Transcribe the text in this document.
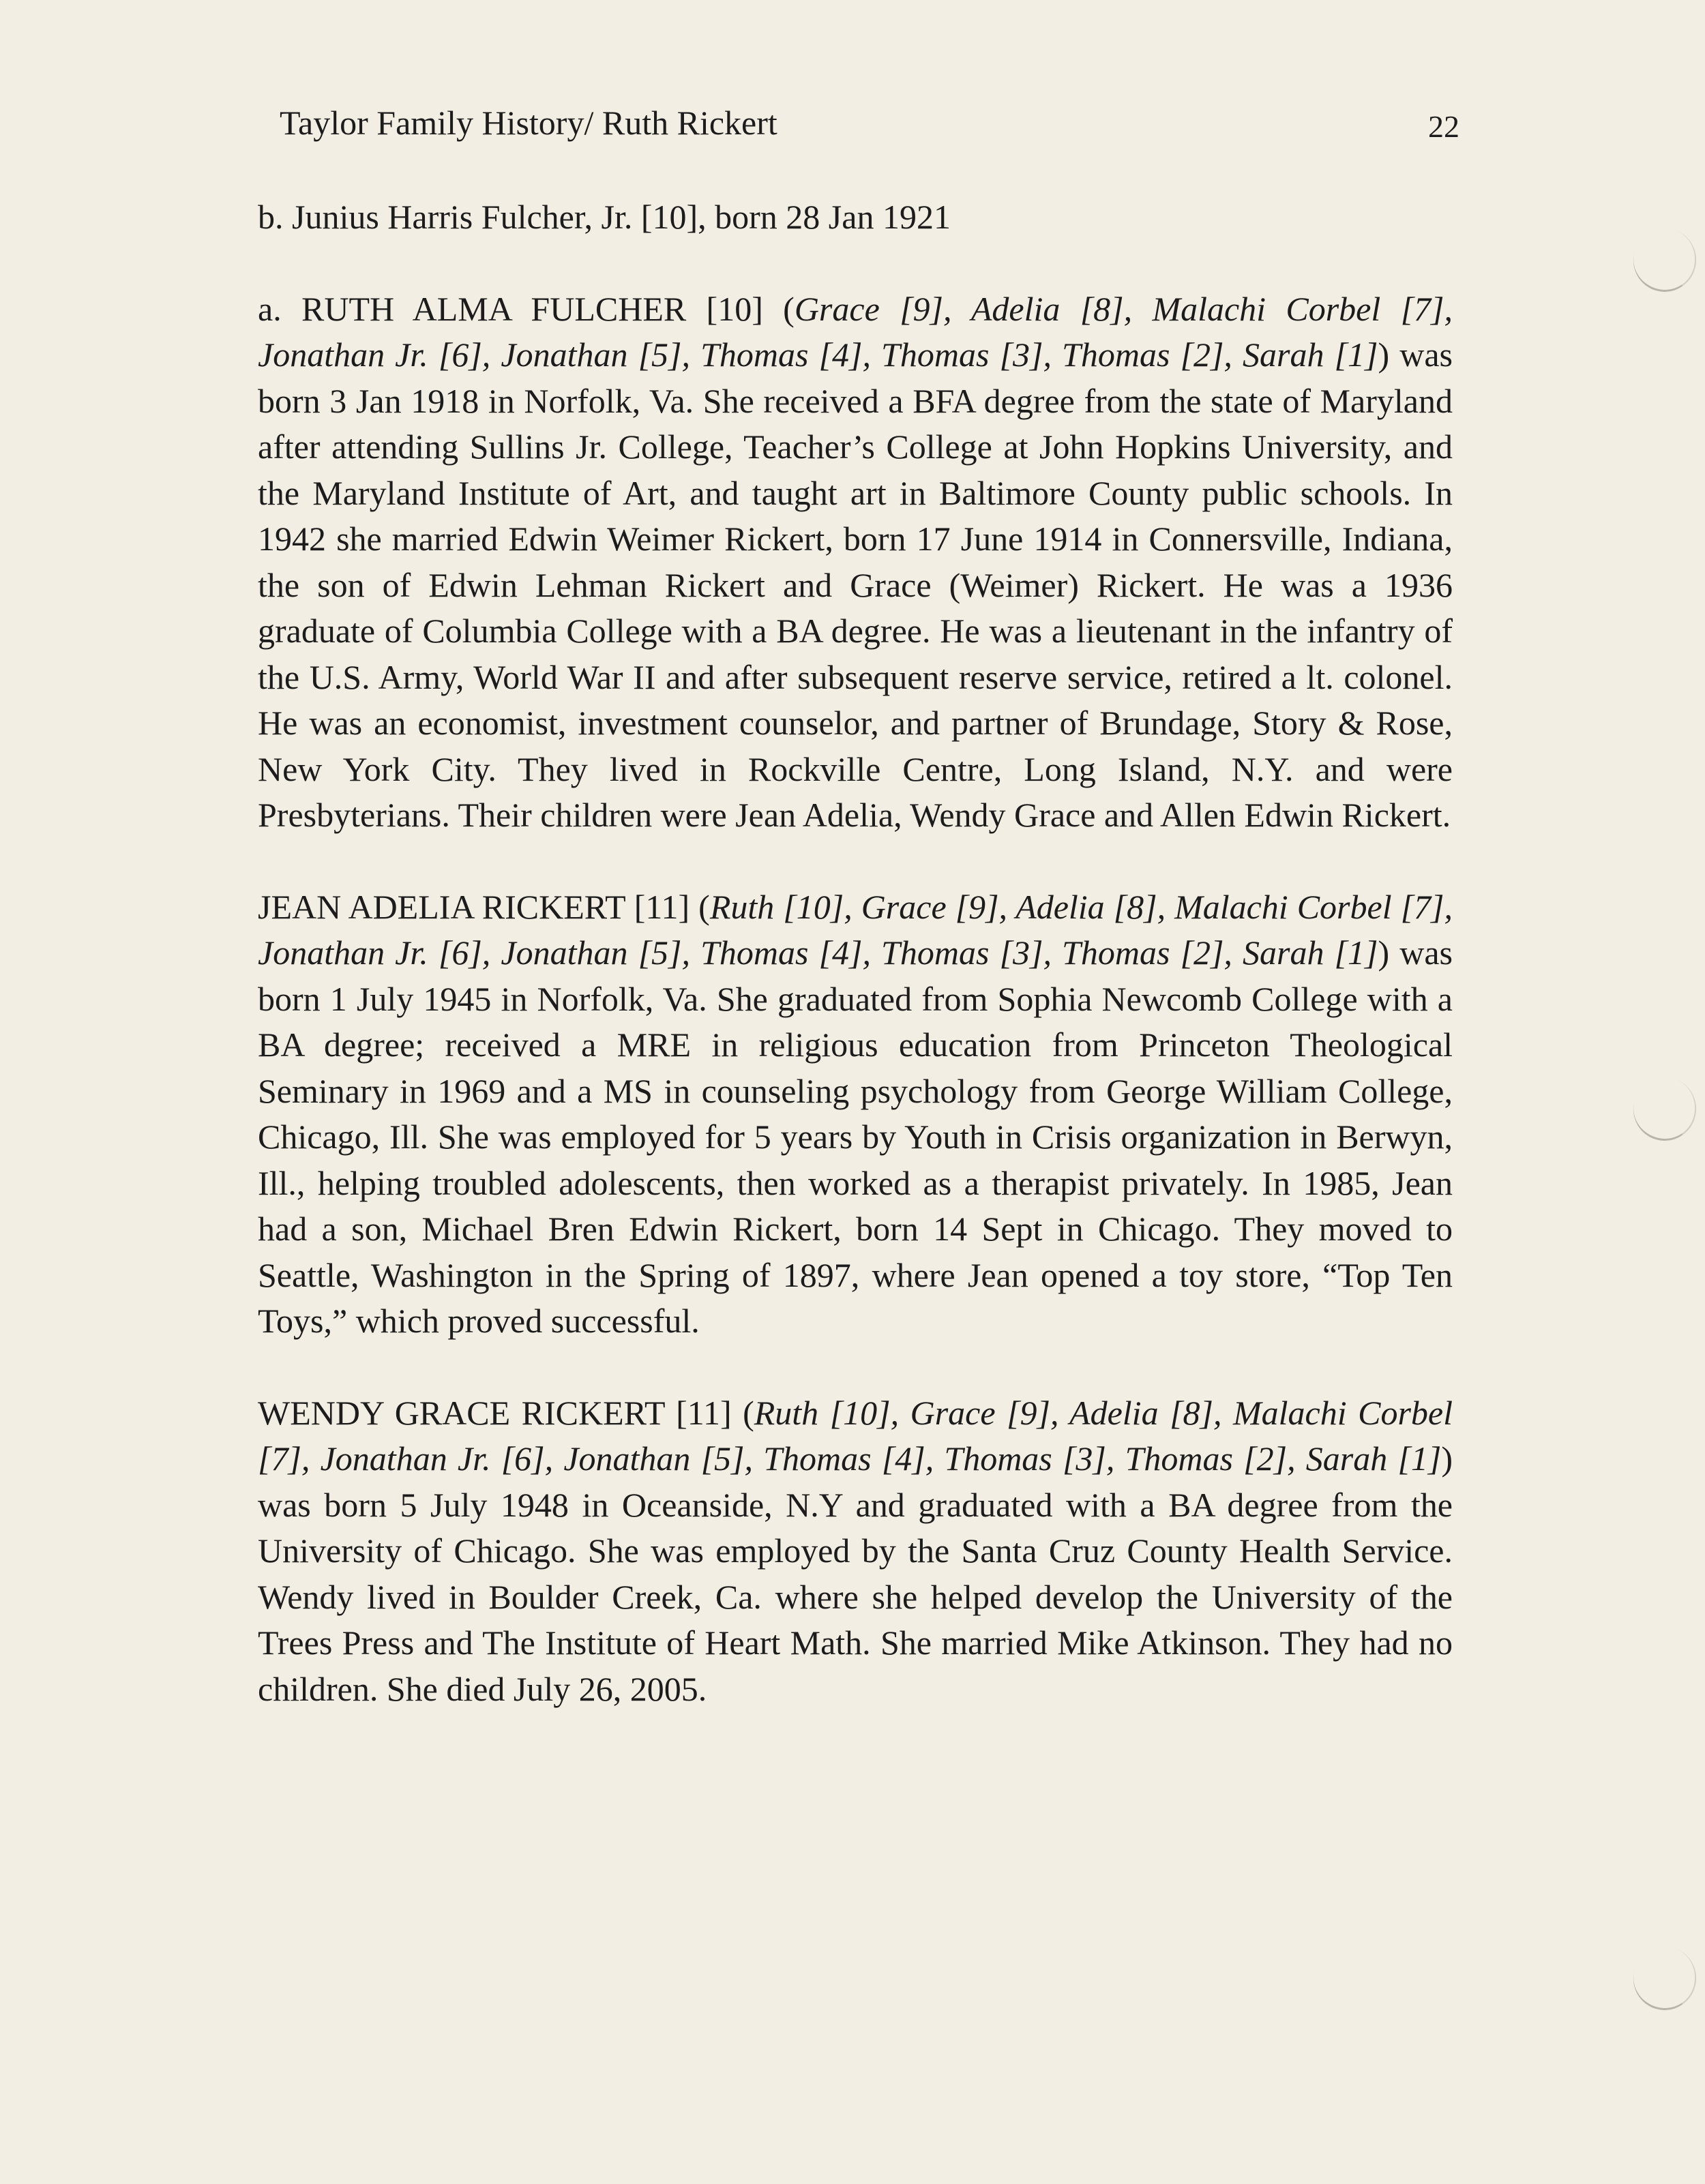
Taylor Family History/ Ruth Rickert	22

b. Junius Harris Fulcher, Jr. [10], born 28 Jan 1921

a. RUTH ALMA FULCHER [10] (Grace [9], Adelia [8], Malachi Corbel [7], Jonathan Jr. [6], Jonathan [5], Thomas [4], Thomas [3], Thomas [2], Sarah [1]) was born 3 Jan 1918 in Norfolk, Va. She received a BFA degree from the state of Maryland after attending Sullins Jr. College, Teacher’s College at John Hopkins University, and the Maryland Institute of Art, and taught art in Baltimore County public schools. In 1942 she married Edwin Weimer Rickert, born 17 June 1914 in Connersville, Indiana, the son of Edwin Lehman Rickert and Grace (Weimer) Rickert. He was a 1936 graduate of Columbia College with a BA degree. He was a lieutenant in the infantry of the U.S. Army, World War II and after subsequent reserve service, retired a lt. colonel. He was an economist, investment counselor, and partner of Brundage, Story & Rose, New York City. They lived in Rockville Centre, Long Island, N.Y. and were Presbyterians. Their children were Jean Adelia, Wendy Grace and Allen Edwin Rickert.

JEAN ADELIA RICKERT [11] (Ruth [10], Grace [9], Adelia [8], Malachi Corbel [7], Jonathan Jr. [6], Jonathan [5], Thomas [4], Thomas [3], Thomas [2], Sarah [1]) was born 1 July 1945 in Norfolk, Va. She graduated from Sophia Newcomb College with a BA degree; received a MRE in religious education from Princeton Theological Seminary in 1969 and a MS in counseling psychology from George William College, Chicago, Ill. She was employed for 5 years by Youth in Crisis organization in Berwyn, Ill., helping troubled adolescents, then worked as a therapist privately. In 1985, Jean had a son, Michael Bren Edwin Rickert, born 14 Sept in Chicago. They moved to Seattle, Washington in the Spring of 1897, where Jean opened a toy store, “Top Ten Toys,” which proved successful.

WENDY GRACE RICKERT [11] (Ruth [10], Grace [9], Adelia [8], Malachi Corbel [7], Jonathan Jr. [6], Jonathan [5], Thomas [4], Thomas [3], Thomas [2], Sarah [1]) was born 5 July 1948 in Oceanside, N.Y and graduated with a BA degree from the University of Chicago. She was employed by the Santa Cruz County Health Service. Wendy lived in Boulder Creek, Ca. where she helped develop the University of the Trees Press and The Institute of Heart Math. She married Mike Atkinson. They had no children. She died July 26, 2005.
